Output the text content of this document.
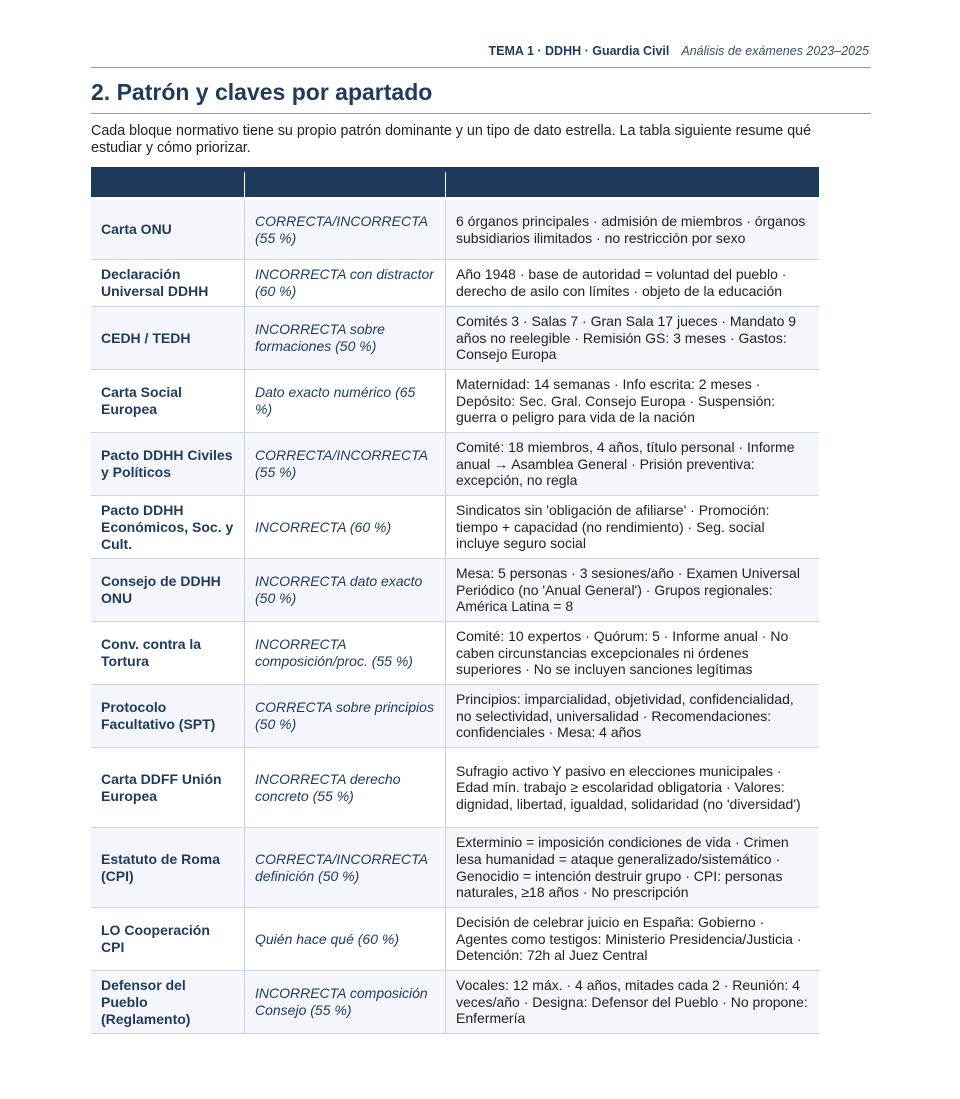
TEMA 1 · DDHH · Guardia Civil Análisis de exámenes 2023–2025
2. Patrón y claves por apartado
Cada bloque normativo tiene su propio patrón dominante y un tipo de dato estrella. La tabla siguiente resume qué estudiar y cómo priorizar.
Carta ONU
CORRECTA/INCORRECTA (55 %)
6 órganos principales · admisión de miembros · órganos subsidiarios ilimitados · no restricción por sexo
Declaración Universal DDHH
INCORRECTA con distractor (60 %)
Año 1948 · base de autoridad = voluntad del pueblo · derecho de asilo con límites · objeto de la educación
CEDH / TEDH
INCORRECTA sobre formaciones (50 %)
Comités 3 · Salas 7 · Gran Sala 17 jueces · Mandato 9 años no reelegible · Remisión GS: 3 meses · Gastos: Consejo Europa
Carta Social Europea
Dato exacto numérico (65 %)
Maternidad: 14 semanas · Info escrita: 2 meses · Depósito: Sec. Gral. Consejo Europa · Suspensión: guerra o peligro para vida de la nación
Pacto DDHH Civiles y Políticos
CORRECTA/INCORRECTA (55 %)
Comité: 18 miembros, 4 años, título personal · Informe anual → Asamblea General · Prisión preventiva: excepción, no regla
Pacto DDHH Económicos, Soc. y Cult.
INCORRECTA (60 %)
Sindicatos sin 'obligación de afiliarse' · Promoción: tiempo + capacidad (no rendimiento) · Seg. social incluye seguro social
Consejo de DDHH ONU
INCORRECTA dato exacto (50 %)
Mesa: 5 personas · 3 sesiones/año · Examen Universal Periódico (no 'Anual General') · Grupos regionales: América Latina = 8
Conv. contra la Tortura
INCORRECTA composición/proc. (55 %)
Comité: 10 expertos · Quórum: 5 · Informe anual · No caben circunstancias excepcionales ni órdenes superiores · No se incluyen sanciones legítimas
Protocolo Facultativo (SPT)
CORRECTA sobre principios (50 %)
Principios: imparcialidad, objetividad, confidencialidad, no selectividad, universalidad · Recomendaciones: confidenciales · Mesa: 4 años
Carta DDFF Unión Europea
INCORRECTA derecho concreto (55 %)
Sufragio activo Y pasivo en elecciones municipales · Edad mín. trabajo ≥ escolaridad obligatoria · Valores: dignidad, libertad, igualdad, solidaridad (no 'diversidad')
Estatuto de Roma (CPI)
CORRECTA/INCORRECTA definición (50 %)
Exterminio = imposición condiciones de vida · Crimen lesa humanidad = ataque generalizado/sistemático · Genocidio = intención destruir grupo · CPI: personas naturales, ≥18 años · No prescripción
LO Cooperación CPI
Quién hace qué (60 %)
Decisión de celebrar juicio en España: Gobierno · Agentes como testigos: Ministerio Presidencia/Justicia · Detención: 72h al Juez Central
Defensor del Pueblo (Reglamento)
INCORRECTA composición Consejo (55 %)
Vocales: 12 máx. · 4 años, mitades cada 2 · Reunión: 4 veces/año · Designa: Defensor del Pueblo · No propone: Enfermería
